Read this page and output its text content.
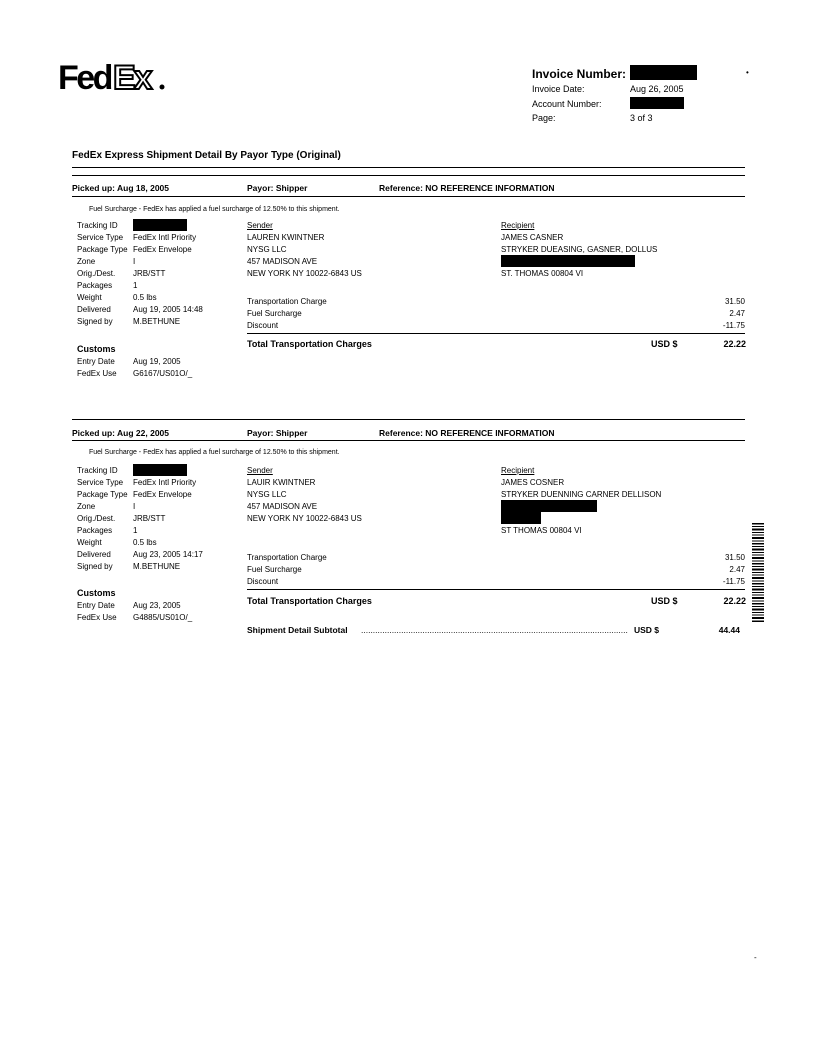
Fed Ex	Invoice Number:	•
Invoice Date:	Aug 26, 2005
Account Number:
Page:	3 of 3
FedEx Express Shipment Detail By Payor Type (Original)
Picked up: Aug 18, 2005	Payor: Shipper	Reference: NO REFERENCE INFORMATION
Fuel Surcharge - FedEx has applied a fuel surcharge of 12.50% to this shipment.
Tracking ID
Service Type FedEx Intl Priority
Package Type FedEx Envelope
Zone	I
Orig./Dest. JRB/STT
Packages	1
Weight	0.5 lbs
Delivered	Aug 19, 2005 14:48
Signed by	M.BETHUNE
Customs
Entry Date Aug 19, 2005
FedEx Use G6167/US01O/_
Sender
LAUREN KWINTNER
NYSG LLC
457 MADISON AVE
NEW YORK NY 10022-6843 US
Recipient
JAMES CASNER
STRYKER DUEASING, GASNER, DOLLUS
ST. THOMAS 00804 VI
Transportation Charge	31.50
Fuel Surcharge	2.47
Discount	-11.75
Total Transportation Charges	USD $	22.22
Picked up: Aug 22, 2005	Payor: Shipper	Reference: NO REFERENCE INFORMATION
Fuel Surcharge - FedEx has applied a fuel surcharge of 12.50% to this shipment.
Tracking ID
Service Type FedEx Intl Priority
Package Type FedEx Envelope
Zone	I
Orig./Dest. JRB/STT
Packages	1
Weight	0.5 lbs
Delivered	Aug 23, 2005 14:17
Signed by	M.BETHUNE
Customs
Entry Date Aug 23, 2005
FedEx Use G4885/US01O/_
Sender
LAUIR KWINTNER
NYSG LLC
457 MADISON AVE
NEW YORK NY 10022-6843 US
Recipient
JAMES COSNER
STRYKER DUENNING CARNER DELLISON
ST THOMAS 00804 VI
Transportation Charge	31.50
Fuel Surcharge	2.47
Discount	-11.75
Total Transportation Charges	USD $	22.22
Shipment Detail Subtotal ................................................................................................................. USD $	44.44
-
